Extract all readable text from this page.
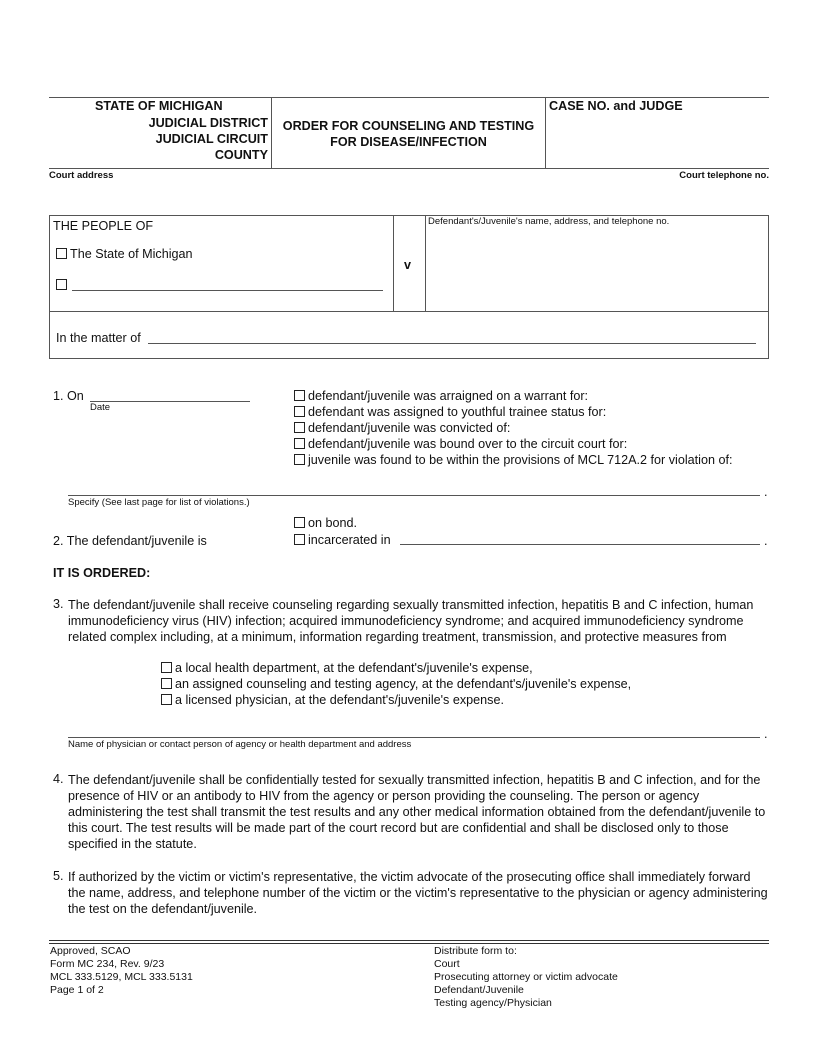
STATE OF MICHIGAN
JUDICIAL DISTRICT
JUDICIAL CIRCUIT
COUNTY
ORDER FOR COUNSELING AND TESTING
FOR DISEASE/INFECTION
CASE NO. and JUDGE
Court address	Court telephone no.
THE PEOPLE OF
The State of Michigan
v
Defendant's/Juvenile's name, address, and telephone no.
In the matter of
1. On
Date
defendant/juvenile was arraigned on a warrant for:
defendant was assigned to youthful trainee status for:
defendant/juvenile was convicted of:
defendant/juvenile was bound over to the circuit court for:
juvenile was found to be within the provisions of MCL 712A.2 for violation of:
.
Specify (See last page for list of violations.)
on bond.
2. The defendant/juvenile is	incarcerated in	.
IT IS ORDERED:
3. The defendant/juvenile shall receive counseling regarding sexually transmitted infection, hepatitis B and C infection, human immunodeficiency virus (HIV) infection; acquired immunodeficiency syndrome; and acquired immunodeficiency syndrome related complex including, at a minimum, information regarding treatment, transmission, and protective measures from
a local health department, at the defendant's/juvenile's expense,
an assigned counseling and testing agency, at the defendant's/juvenile's expense,
a licensed physician, at the defendant's/juvenile's expense.
.
Name of physician or contact person of agency or health department and address
4. The defendant/juvenile shall be confidentially tested for sexually transmitted infection, hepatitis B and C infection, and for the presence of HIV or an antibody to HIV from the agency or person providing the counseling. The person or agency administering the test shall transmit the test results and any other medical information obtained from the defendant/juvenile to this court. The test results will be made part of the court record but are confidential and shall be disclosed only to those specified in the statute.
5. If authorized by the victim or victim's representative, the victim advocate of the prosecuting office shall immediately forward the name, address, and telephone number of the victim or the victim's representative to the physician or agency administering the test on the defendant/juvenile.
Approved, SCAO
Form MC 234, Rev. 9/23
MCL 333.5129, MCL 333.5131
Page 1 of 2
Distribute form to:
Court
Prosecuting attorney or victim advocate
Defendant/Juvenile
Testing agency/Physician
